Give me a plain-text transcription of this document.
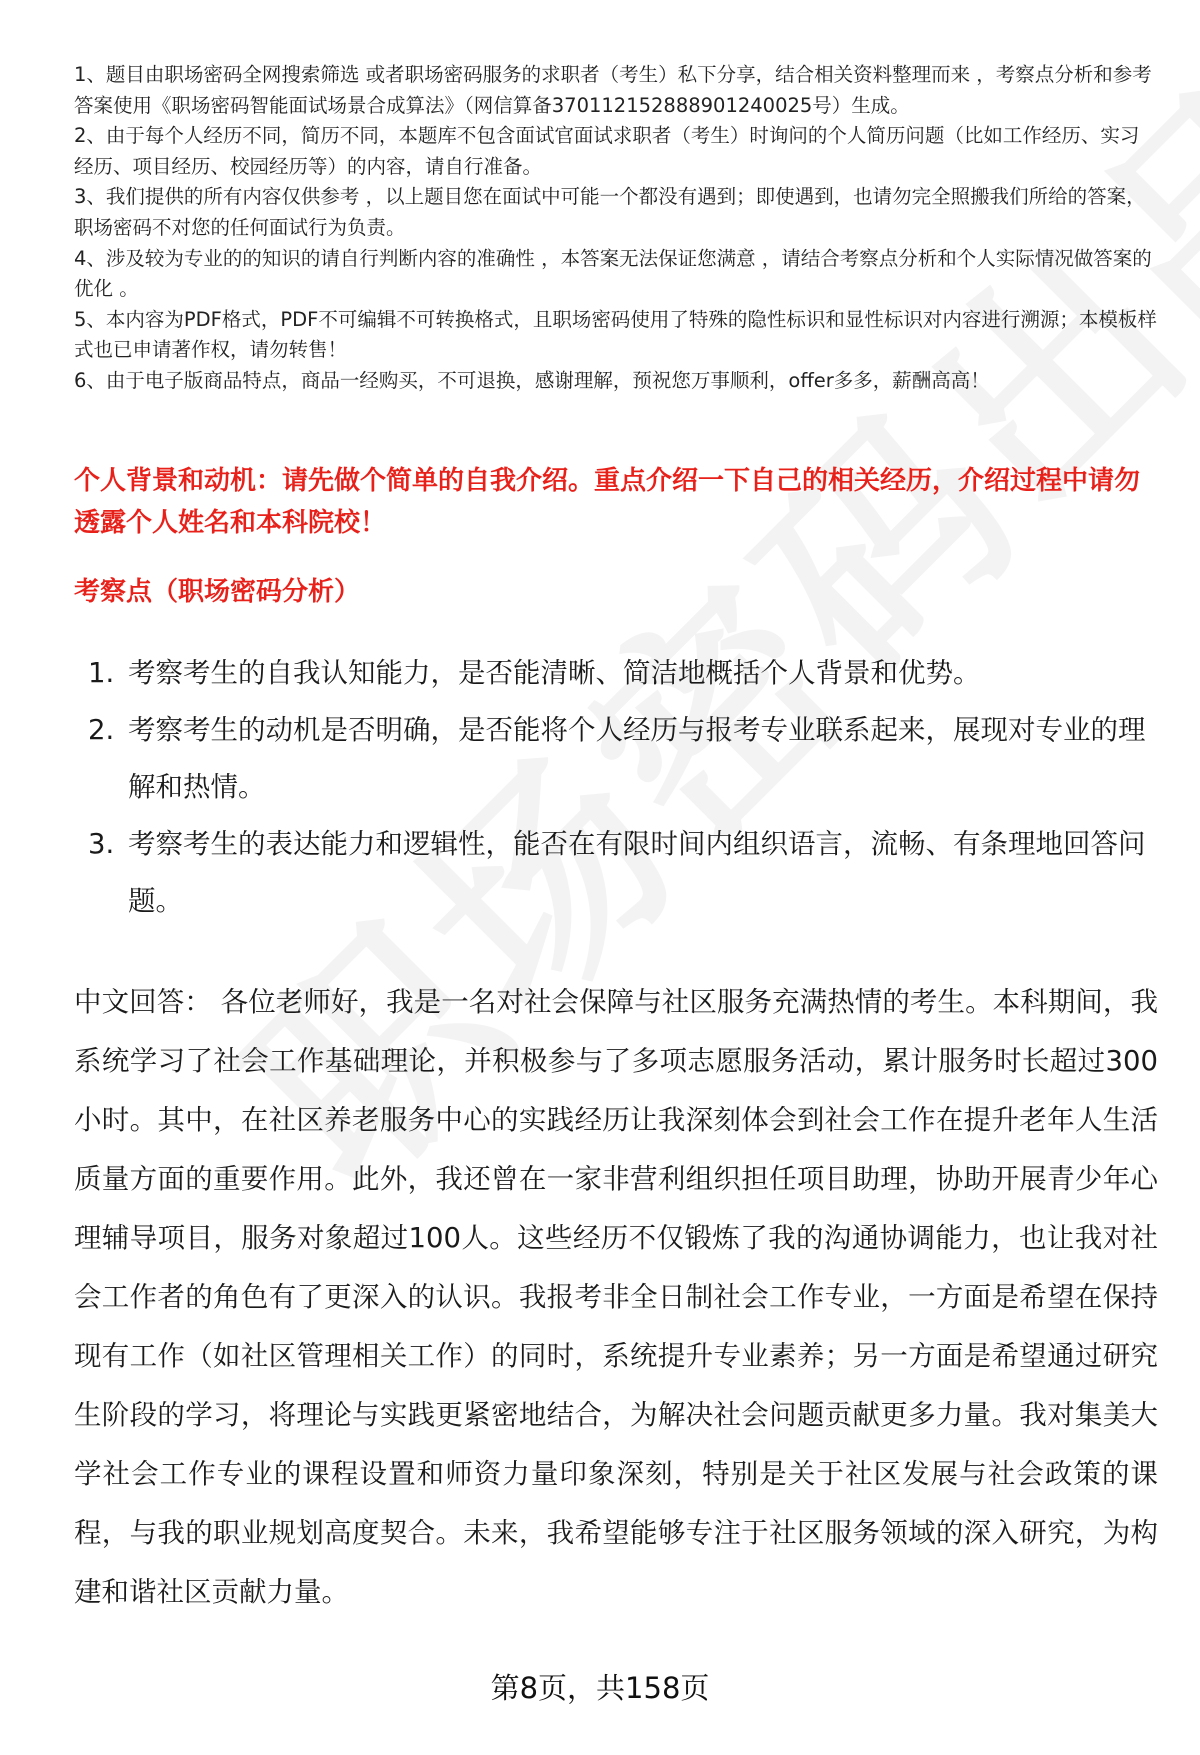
1、题目由职场密码全网搜索筛选 或者职场密码服务的求职者（考生）私下分享，结合相关资料整理而来 ，考察点分析和参考答案使用《职场密码智能面试场景合成算法》（网信算备370112152888901240025号）生成。

2、由于每个人经历不同，简历不同，本题库不包含面试官面试求职者（考生）时询问的个人简历问题（比如工作经历、实习经历、项目经历、校园经历等）的内容，请自行准备。

3、我们提供的所有内容仅供参考 ，以上题目您在面试中可能一个都没有遇到；即使遇到，也请勿完全照搬我们所给的答案，职场密码不对您的任何面试行为负责。

4、涉及较为专业的的知识的请自行判断内容的准确性 ，本答案无法保证您满意 ，请结合考察点分析和个人实际情况做答案的优化 。

5、本内容为PDF格式，PDF不可编辑不可转换格式，且职场密码使用了特殊的隐性标识和显性标识对内容进行溯源；本模板样式也已申请著作权，请勿转售！

6、由于电子版商品特点，商品一经购买，不可退换，感谢理解，预祝您万事顺利，offer多多，薪酬高高！

个人背景和动机：请先做个简单的自我介绍。重点介绍一下自己的相关经历，介绍过程中请勿透露个人姓名和本科院校！
考察点（职场密码分析）
1. 考察考生的自我认知能力，是否能清晰、简洁地概括个人背景和优势。
2. 考察考生的动机是否明确，是否能将个人经历与报考专业联系起来，展现对专业的理解和热情。
3. 考察考生的表达能力和逻辑性，能否在有限时间内组织语言，流畅、有条理地回答问题。

中文回答： 各位老师好，我是一名对社会保障与社区服务充满热情的考生。本科期间，我系统学习了社会工作基础理论，并积极参与了多项志愿服务活动，累计服务时长超过300小时。其中，在社区养老服务中心的实践经历让我深刻体会到社会工作在提升老年人生活质量方面的重要作用。此外，我还曾在一家非营利组织担任项目助理，协助开展青少年心理辅导项目，服务对象超过100人。这些经历不仅锻炼了我的沟通协调能力，也让我对社会工作者的角色有了更深入的认识。我报考非全日制社会工作专业，一方面是希望在保持现有工作（如社区管理相关工作）的同时，系统提升专业素养；另一方面是希望通过研究生阶段的学习，将理论与实践更紧密地结合，为解决社会问题贡献更多力量。我对集美大学社会工作专业的课程设置和师资力量印象深刻，特别是关于社区发展与社会政策的课程，与我的职业规划高度契合。未来，我希望能够专注于社区服务领域的深入研究，为构建和谐社区贡献力量。

第8页，共158页
